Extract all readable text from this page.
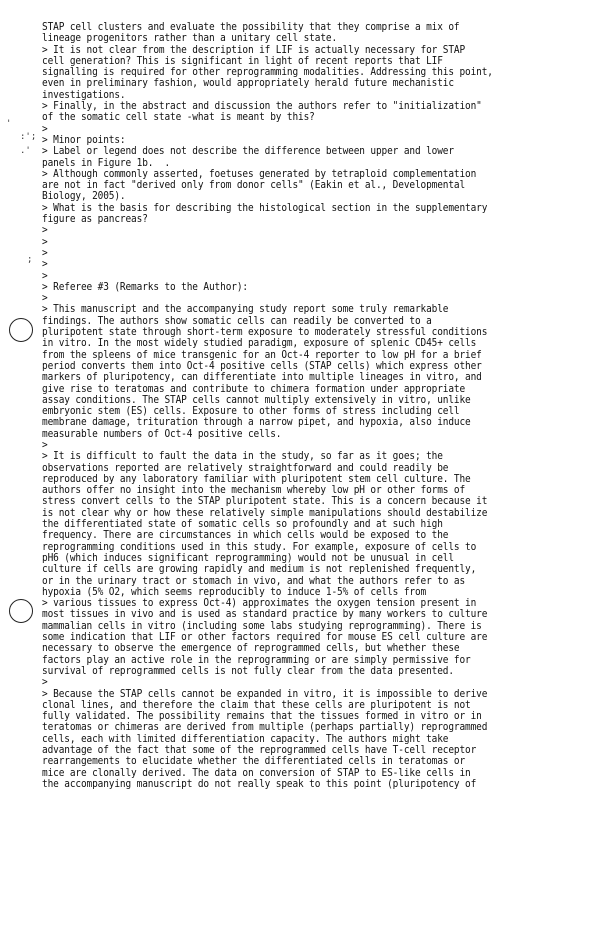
'
:';
.'
;
STAP cell clusters and evaluate the possibility that they comprise a mix of
lineage progenitors rather than a unitary cell state.
> It is not clear from the description if LIF is actually necessary for STAP
cell generation? This is significant in light of recent reports that LIF
signalling is required for other reprogramming modalities. Addressing this point,
even in preliminary fashion, would appropriately herald future mechanistic
investigations.
> Finally, in the abstract and discussion the authors refer to "initialization"
of the somatic cell state -what is meant by this?
>
> Minor points:
> Label or legend does not describe the difference between upper and lower
panels in Figure 1b.  .
> Although commonly asserted, foetuses generated by tetraploid complementation
are not in fact "derived only from donor cells" (Eakin et al., Developmental
Biology, 2005).
> What is the basis for describing the histological section in the supplementary
figure as pancreas?
>
>
>
>
>
> Referee #3 (Remarks to the Author):
>
> This manuscript and the accompanying study report some truly remarkable
findings. The authors show somatic cells can readily be converted to a
pluripotent state through short-term exposure to moderately stressful conditions
in vitro. In the most widely studied paradigm, exposure of splenic CD45+ cells
from the spleens of mice transgenic for an Oct-4 reporter to low pH for a brief
period converts them into Oct-4 positive cells (STAP cells) which express other
markers of pluripotency, can differentiate into multiple lineages in vitro, and
give rise to teratomas and contribute to chimera formation under appropriate
assay conditions. The STAP cells cannot multiply extensively in vitro, unlike
embryonic stem (ES) cells. Exposure to other forms of stress including cell
membrane damage, trituration through a narrow pipet, and hypoxia, also induce
measurable numbers of Oct-4 positive cells.
>
> It is difficult to fault the data in the study, so far as it goes; the
observations reported are relatively straightforward and could readily be
reproduced by any laboratory familiar with pluripotent stem cell culture. The
authors offer no insight into the mechanism whereby low pH or other forms of
stress convert cells to the STAP pluripotent state. This is a concern because it
is not clear why or how these relatively simple manipulations should destabilize
the differentiated state of somatic cells so profoundly and at such high
frequency. There are circumstances in which cells would be exposed to the
reprogramming conditions used in this study. For example, exposure of cells to
pH6 (which induces significant reprogramming) would not be unusual in cell
culture if cells are growing rapidly and medium is not replenished frequently,
or in the urinary tract or stomach in vivo, and what the authors refer to as
hypoxia (5% O2, which seems reproducibly to induce 1-5% of cells from
> various tissues to express Oct-4) approximates the oxygen tension present in
most tissues in vivo and is used as standard practice by many workers to culture
mammalian cells in vitro (including some labs studying reprogramming). There is
some indication that LIF or other factors required for mouse ES cell culture are
necessary to observe the emergence of reprogrammed cells, but whether these
factors play an active role in the reprogramming or are simply permissive for
survival of reprogrammed cells is not fully clear from the data presented.
>
> Because the STAP cells cannot be expanded in vitro, it is impossible to derive
clonal lines, and therefore the claim that these cells are pluripotent is not
fully validated. The possibility remains that the tissues formed in vitro or in
teratomas or chimeras are derived from multiple (perhaps partially) reprogrammed
cells, each with limited differentiation capacity. The authors might take
advantage of the fact that some of the reprogrammed cells have T-cell receptor
rearrangements to elucidate whether the differentiated cells in teratomas or
mice are clonally derived. The data on conversion of STAP to ES-like cells in
the accompanying manuscript do not really speak to this point (pluripotency of
